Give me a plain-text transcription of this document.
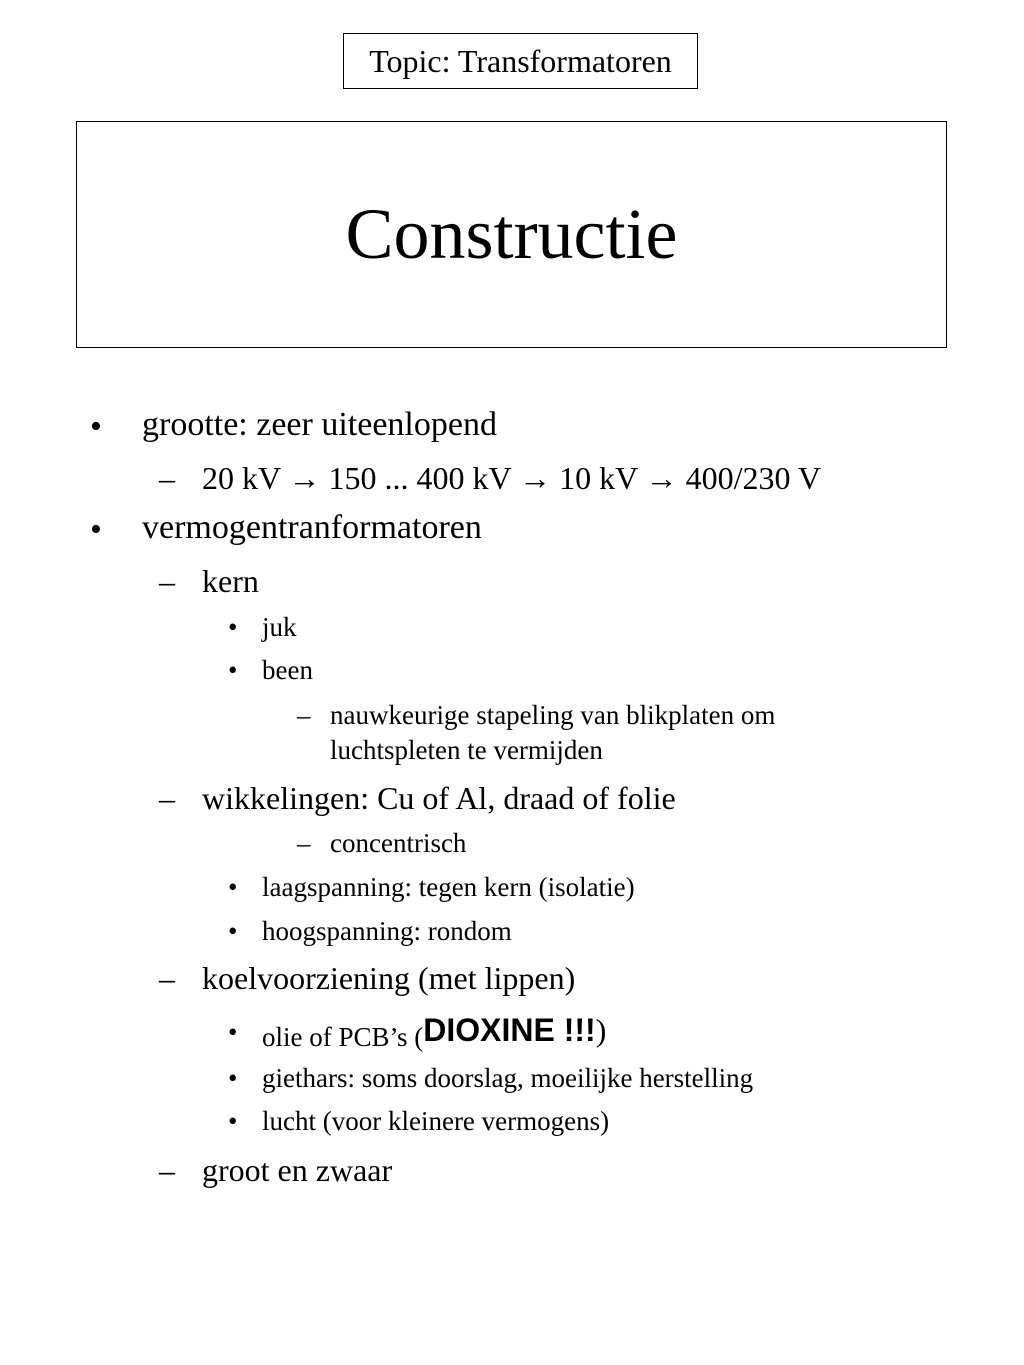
Topic: Transformatoren
Constructie
• grootte: zeer uiteenlopend
– 20 kV → 150 ... 400 kV → 10 kV → 400/230 V
• vermogentranformatoren
– kern
• juk
• been
– nauwkeurige stapeling van blikplaten om
luchtspleten te vermijden
– wikkelingen: Cu of Al, draad of folie
– concentrisch
• laagspanning: tegen kern (isolatie)
• hoogspanning: rondom
– koelvoorziening (met lippen)
• olie of PCB’s (DIOXINE !!!)
• giethars: soms doorslag, moeilijke herstelling
• lucht (voor kleinere vermogens)
– groot en zwaar
